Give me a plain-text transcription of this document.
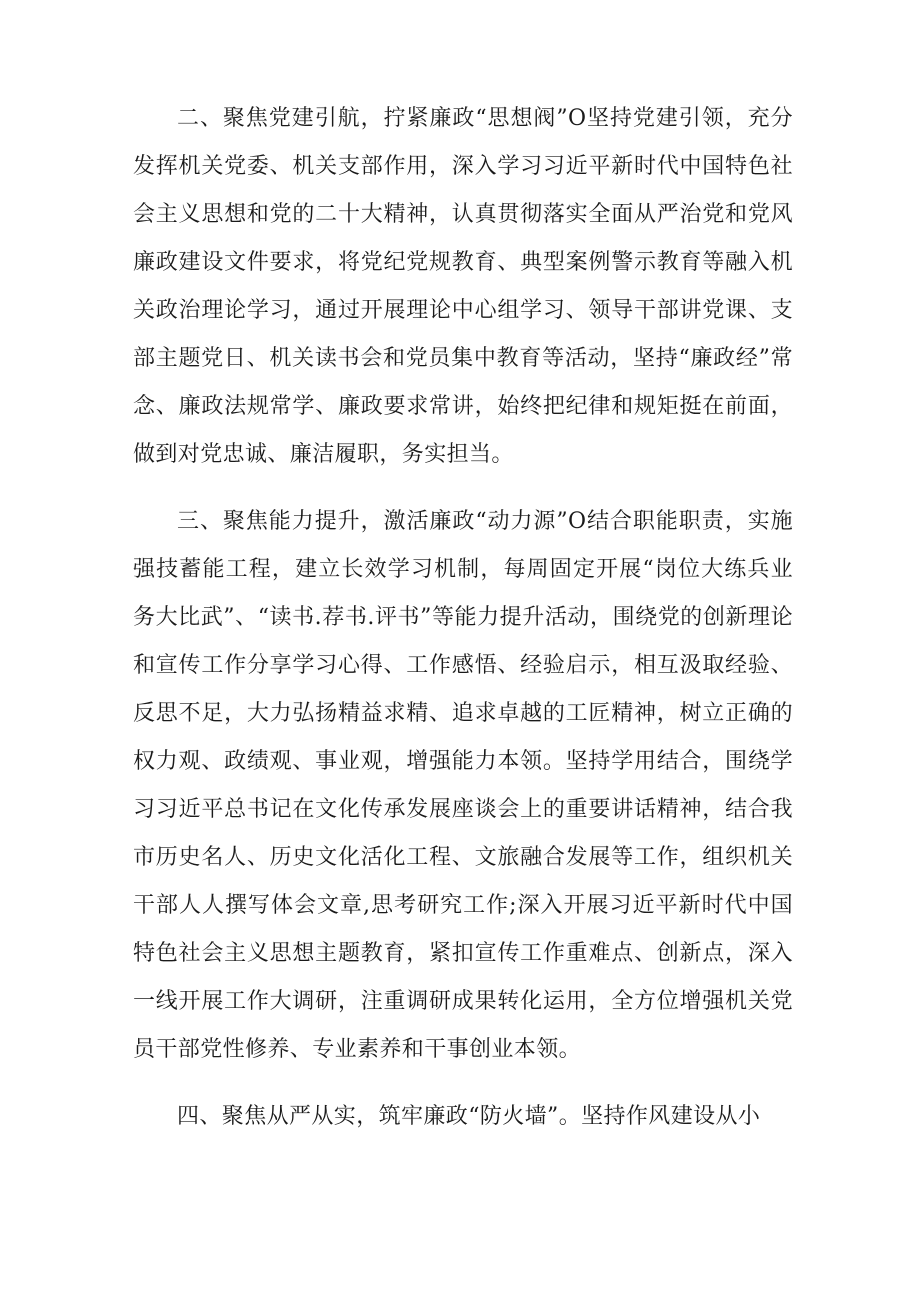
二、聚焦党建引航，拧紧廉政“思想阀”O坚持党建引领，充分发挥机关党委、机关支部作用，深入学习习近平新时代中国特色社会主义思想和党的二十大精神，认真贯彻落实全面从严治党和党风廉政建设文件要求，将党纪党规教育、典型案例警示教育等融入机关政治理论学习，通过开展理论中心组学习、领导干部讲党课、支部主题党日、机关读书会和党员集中教育等活动，坚持“廉政经”常念、廉政法规常学、廉政要求常讲，始终把纪律和规矩挺在前面，做到对党忠诚、廉洁履职，务实担当。

三、聚焦能力提升，激活廉政“动力源”O结合职能职责，实施强技蓄能工程，建立长效学习机制，每周固定开展“岗位大练兵业务大比武”、“读书.荐书.评书”等能力提升活动，围绕党的创新理论和宣传工作分享学习心得、工作感悟、经验启示，相互汲取经验、反思不足，大力弘扬精益求精、追求卓越的工匠精神，树立正确的权力观、政绩观、事业观，增强能力本领。坚持学用结合，围绕学习习近平总书记在文化传承发展座谈会上的重要讲话精神，结合我市历史名人、历史文化活化工程、文旅融合发展等工作，组织机关干部人人撰写体会文章,思考研究工作;深入开展习近平新时代中国特色社会主义思想主题教育，紧扣宣传工作重难点、创新点，深入一线开展工作大调研，注重调研成果转化运用，全方位增强机关党员干部党性修养、专业素养和干事创业本领。

四、聚焦从严从实，筑牢廉政“防火墙”。坚持作风建设从小
